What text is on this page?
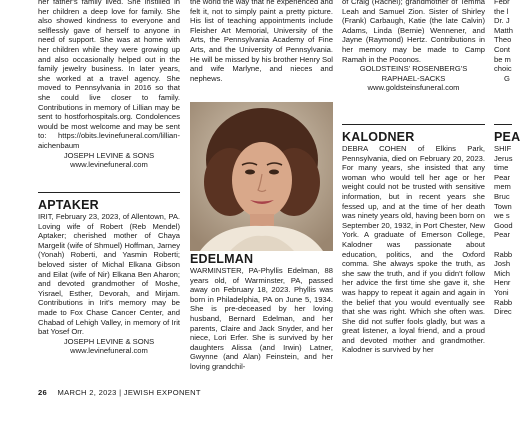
her father's family lived. She instilled in her children a deep love for family. She also showed kindness to everyone and selflessly gave of herself to anyone in need of support. She was at home with her children while they were growing up and also occasionally helped out in the family jewelry business. In later years, she worked at a travel agency. She moved to Pennsylvania in 2016 so that she could live closer to family. Contributions in memory of Lillian may be sent to hostforhospitals.org. Condolences would be most welcome and may be sent to: https://obits.levinefuneral.com/lillian-aichenbaum

JOSEPH LEVINE & SONS

www.levinefuneral.com

APTAKER

IRIT, February 23, 2023, of Allentown, PA. Loving wife of Robert (Reb Mendel) Aptaker; cherished mother of Chaya Margelit (wife of Shmuel) Hoffman, Jarney (Yonah) Roberti, and Yasmin Roberti; beloved sister of Michal Elkana Gibson and Eilat (wife of Nir) Elkana Ben Aharon; and devoted grandmother of Moshe, Yisrael, Esther, Devorah, and Mirjam. Contributions in Irit's memory may be made to Fox Chase Cancer Center, and Chabad of Lehigh Valley, in memory of Irit bat Yosef Orr.

JOSEPH LEVINE & SONS

www.levinefuneral.com

the world the way that he experienced and felt it, not to simply paint a pretty picture. His list of teaching appointments include Fleisher Art Memorial, University of the Arts, the Pennsylvania Academy of Fine Arts, and the University of Pennsylvania. He will be missed by his brother Henry Sol and wife Marlyne, and nieces and nephews.

EDELMAN

WARMINSTER, PA-Phyllis Edelman, 88 years old, of Warminster, PA, passed away on February 18, 2023. Phyllis was born in Philadelphia, PA on June 5, 1934. She is pre-deceased by her loving husband, Bernard Edelman, and her parents, Claire and Jack Snyder, and her niece, Lori Erfer. She is survived by her daughters Alissa (and Irwin) Latner, Gwynne (and Alan) Feinstein, and her loving grandchil-

of Craig (Rachel); grandmother of Temma Leah and Samuel Zion. Sister of Shirley (Frank) Carbaugh, Katie (the late Calvin) Adams, Linda (Bernie) Wennener, and Jayne (Raymond) Hertz. Contributions in her memory may be made to Camp Ramah in the Poconos.

GOLDSTEINS' ROSENBERG'S

RAPHAEL-SACKS

www.goldsteinsfuneral.com

KALODNER

DEBRA COHEN of Elkins Park, Pennsylvania, died on February 20, 2023. For many years, she insisted that any woman who would tell her age or her weight could not be trusted with sensitive information, but in recent years she fessed up, and at the time of her death was ninety years old, having been born on September 20, 1932, in Port Chester, New York. A graduate of Emerson College, Kalodner was passionate about education, politics, and the Oxford comma. She always spoke the truth, as she saw the truth, and if you didn't follow her advice the first time she gave it, she was happy to repeat it again and again in the belief that you would eventually see that she was right. Which she often was. She did not suffer fools gladly, but was a great listener, a loyal friend, and a proud and devoted mother and grandmother. Kalodner is survived by her

Febr

the l

Dr. J

Matth

Theo

Cont

be m

choic

G

PEA

SHIF

Jerus

time

Pear

mem

Bruc

Town

we s

Good

Pear

Rabb

Josh

Mich

Henr

Yoni

Rabb

Direc

26 MARCH 2, 2023 | JEWISH EXPONENT
